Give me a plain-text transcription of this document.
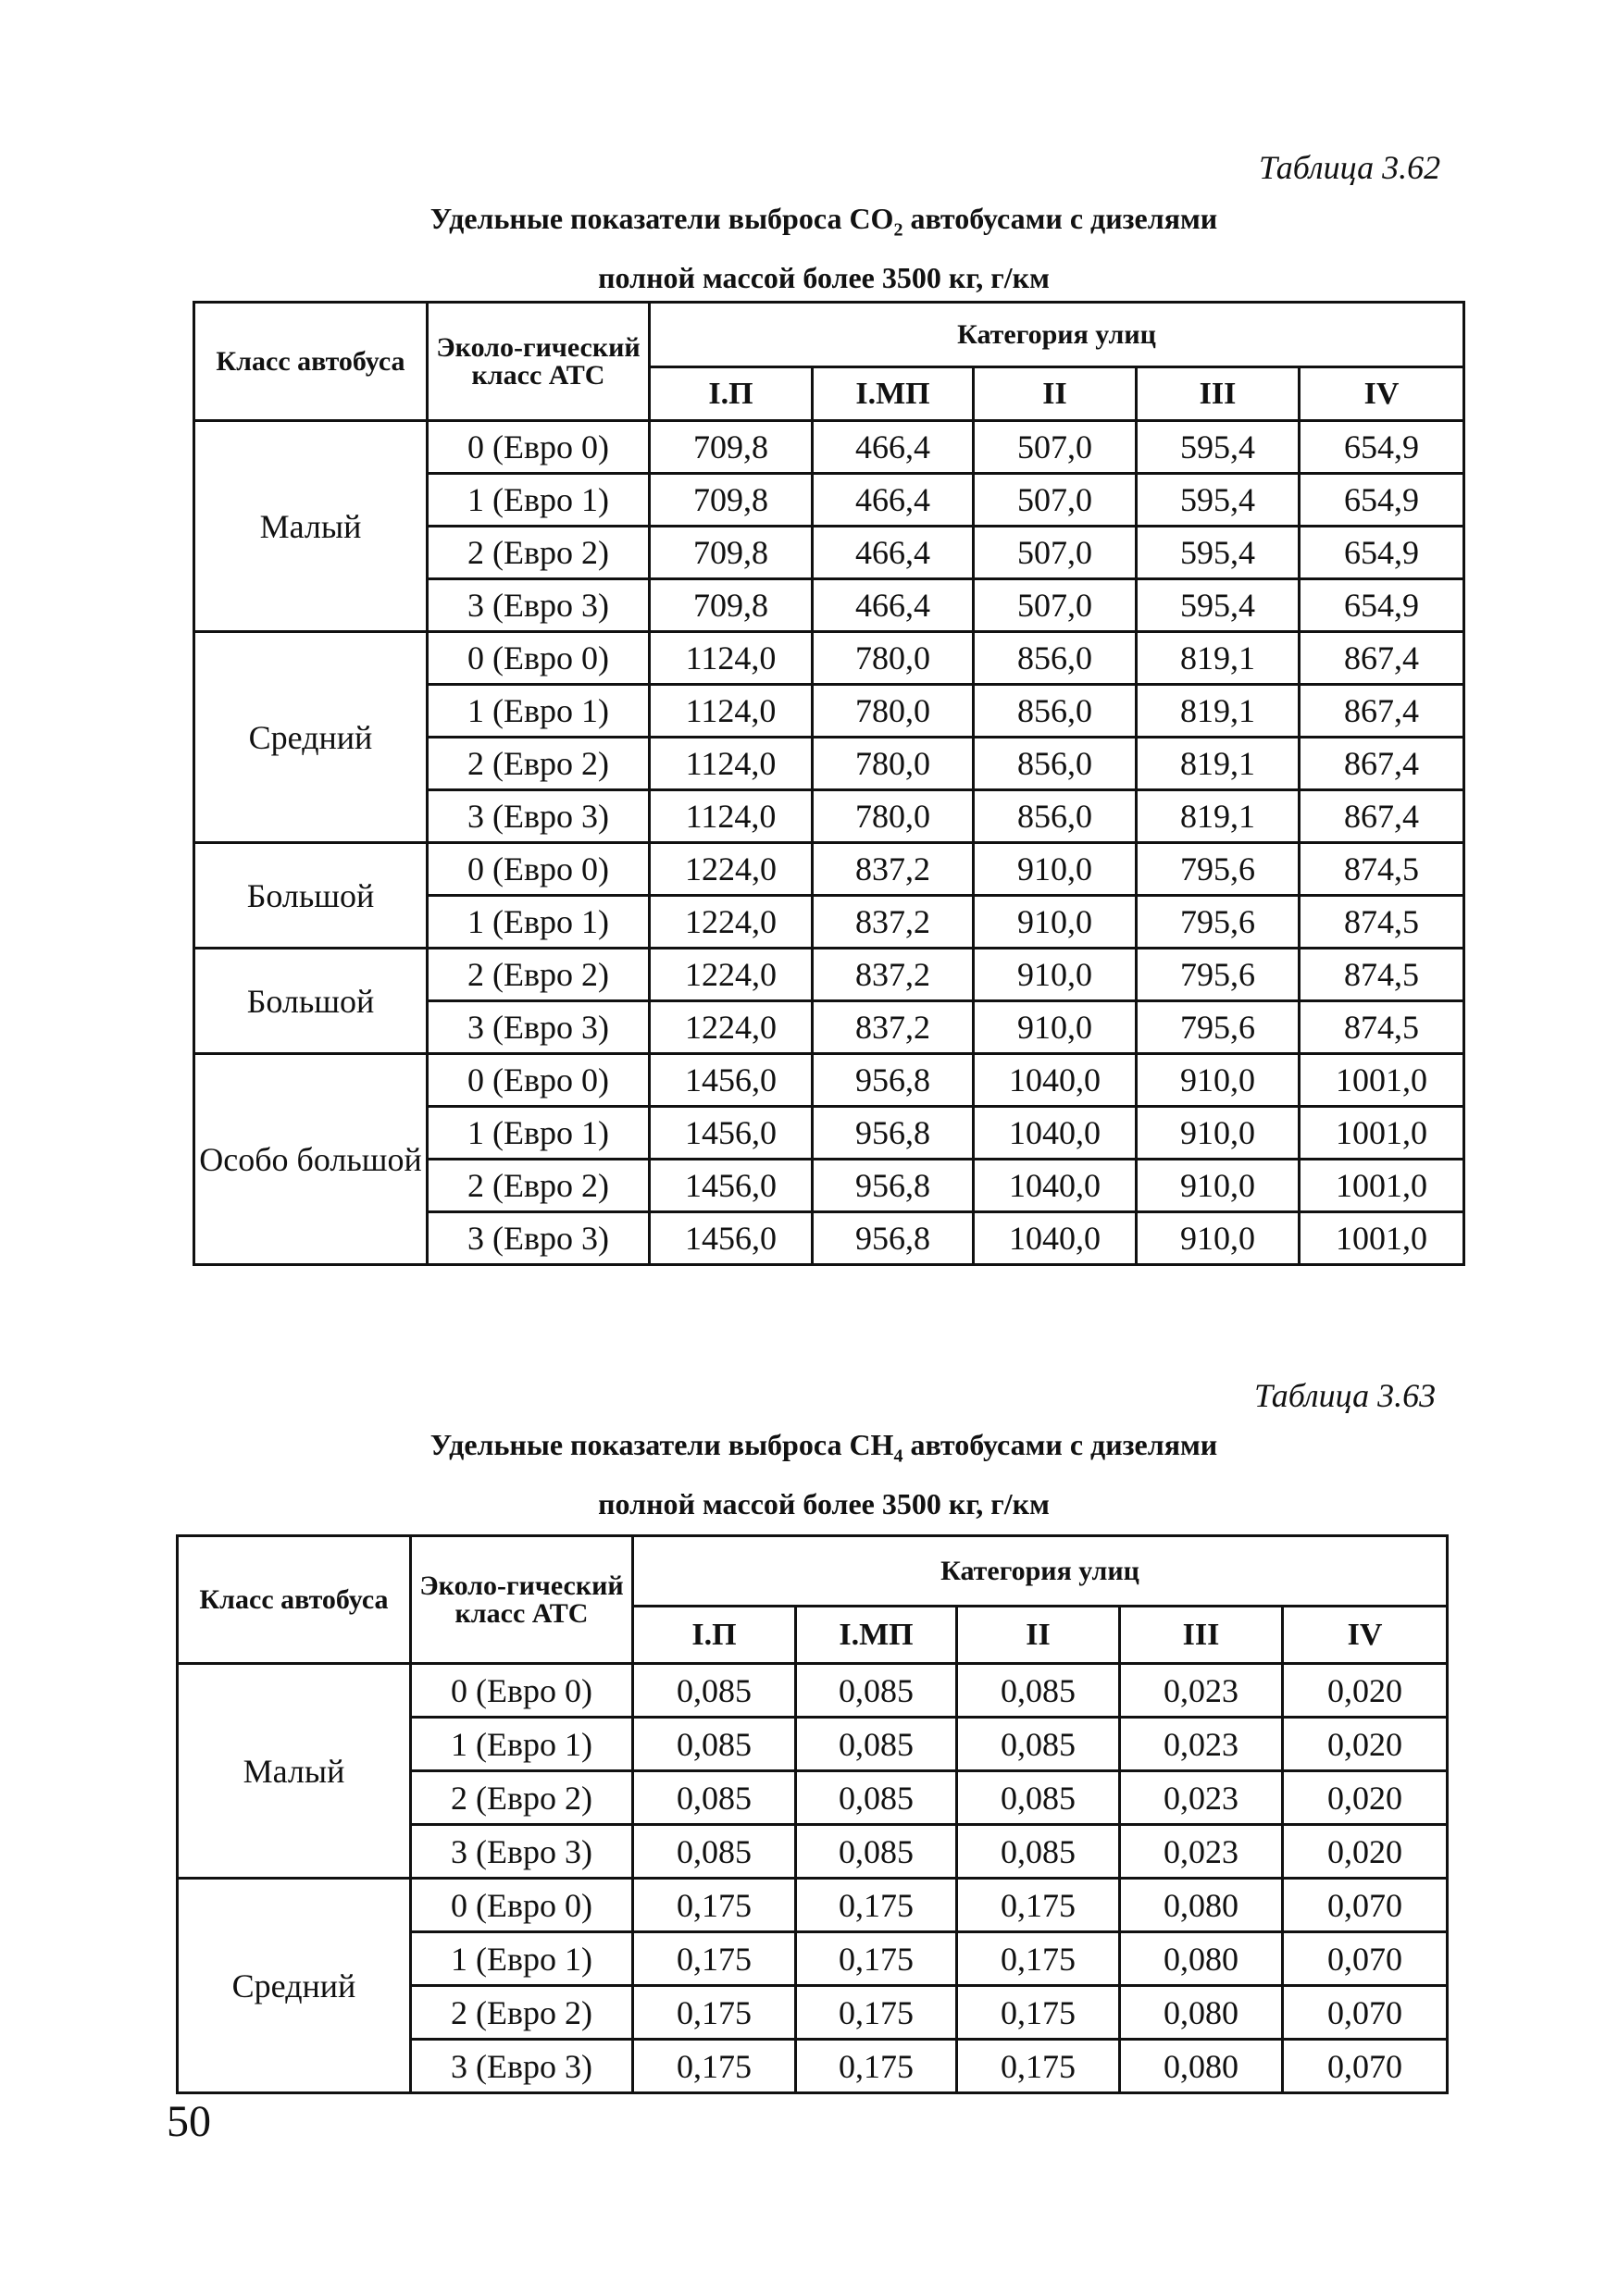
Таблица 3.62
Удельные показатели выброса $CO_2$ автобусами с дизелями
полной массой более 3500 кг, г/км
Класс автобуса	Эколо-гический класс АТС	Категория улиц				
		I.П	I.МП	II	III	IV
Малый	0 (Евро 0)	709,8	466,4	507,0	595,4	654,9
	1 (Евро 1)	709,8	466,4	507,0	595,4	654,9
	2 (Евро 2)	709,8	466,4	507,0	595,4	654,9
	3 (Евро 3)	709,8	466,4	507,0	595,4	654,9
Средний	0 (Евро 0)	1124,0	780,0	856,0	819,1	867,4
	1 (Евро 1)	1124,0	780,0	856,0	819,1	867,4
	2 (Евро 2)	1124,0	780,0	856,0	819,1	867,4
	3 (Евро 3)	1124,0	780,0	856,0	819,1	867,4
Большой	0 (Евро 0)	1224,0	837,2	910,0	795,6	874,5
	1 (Евро 1)	1224,0	837,2	910,0	795,6	874,5
Большой	2 (Евро 2)	1224,0	837,2	910,0	795,6	874,5
	3 (Евро 3)	1224,0	837,2	910,0	795,6	874,5
Особо большой	0 (Евро 0)	1456,0	956,8	1040,0	910,0	1001,0
	1 (Евро 1)	1456,0	956,8	1040,0	910,0	1001,0
	2 (Евро 2)	1456,0	956,8	1040,0	910,0	1001,0
	3 (Евро 3)	1456,0	956,8	1040,0	910,0	1001,0
Таблица 3.63
Удельные показатели выброса $CH_4$ автобусами с дизелями
полной массой более 3500 кг, г/км
Класс автобуса	Эколо-гический класс АТС	Категория улиц				
		I.П	I.МП	II	III	IV
Малый	0 (Евро 0)	0,085	0,085	0,085	0,023	0,020
	1 (Евро 1)	0,085	0,085	0,085	0,023	0,020
	2 (Евро 2)	0,085	0,085	0,085	0,023	0,020
	3 (Евро 3)	0,085	0,085	0,085	0,023	0,020
Средний	0 (Евро 0)	0,175	0,175	0,175	0,080	0,070
	1 (Евро 1)	0,175	0,175	0,175	0,080	0,070
	2 (Евро 2)	0,175	0,175	0,175	0,080	0,070
	3 (Евро 3)	0,175	0,175	0,175	0,080	0,070
50
